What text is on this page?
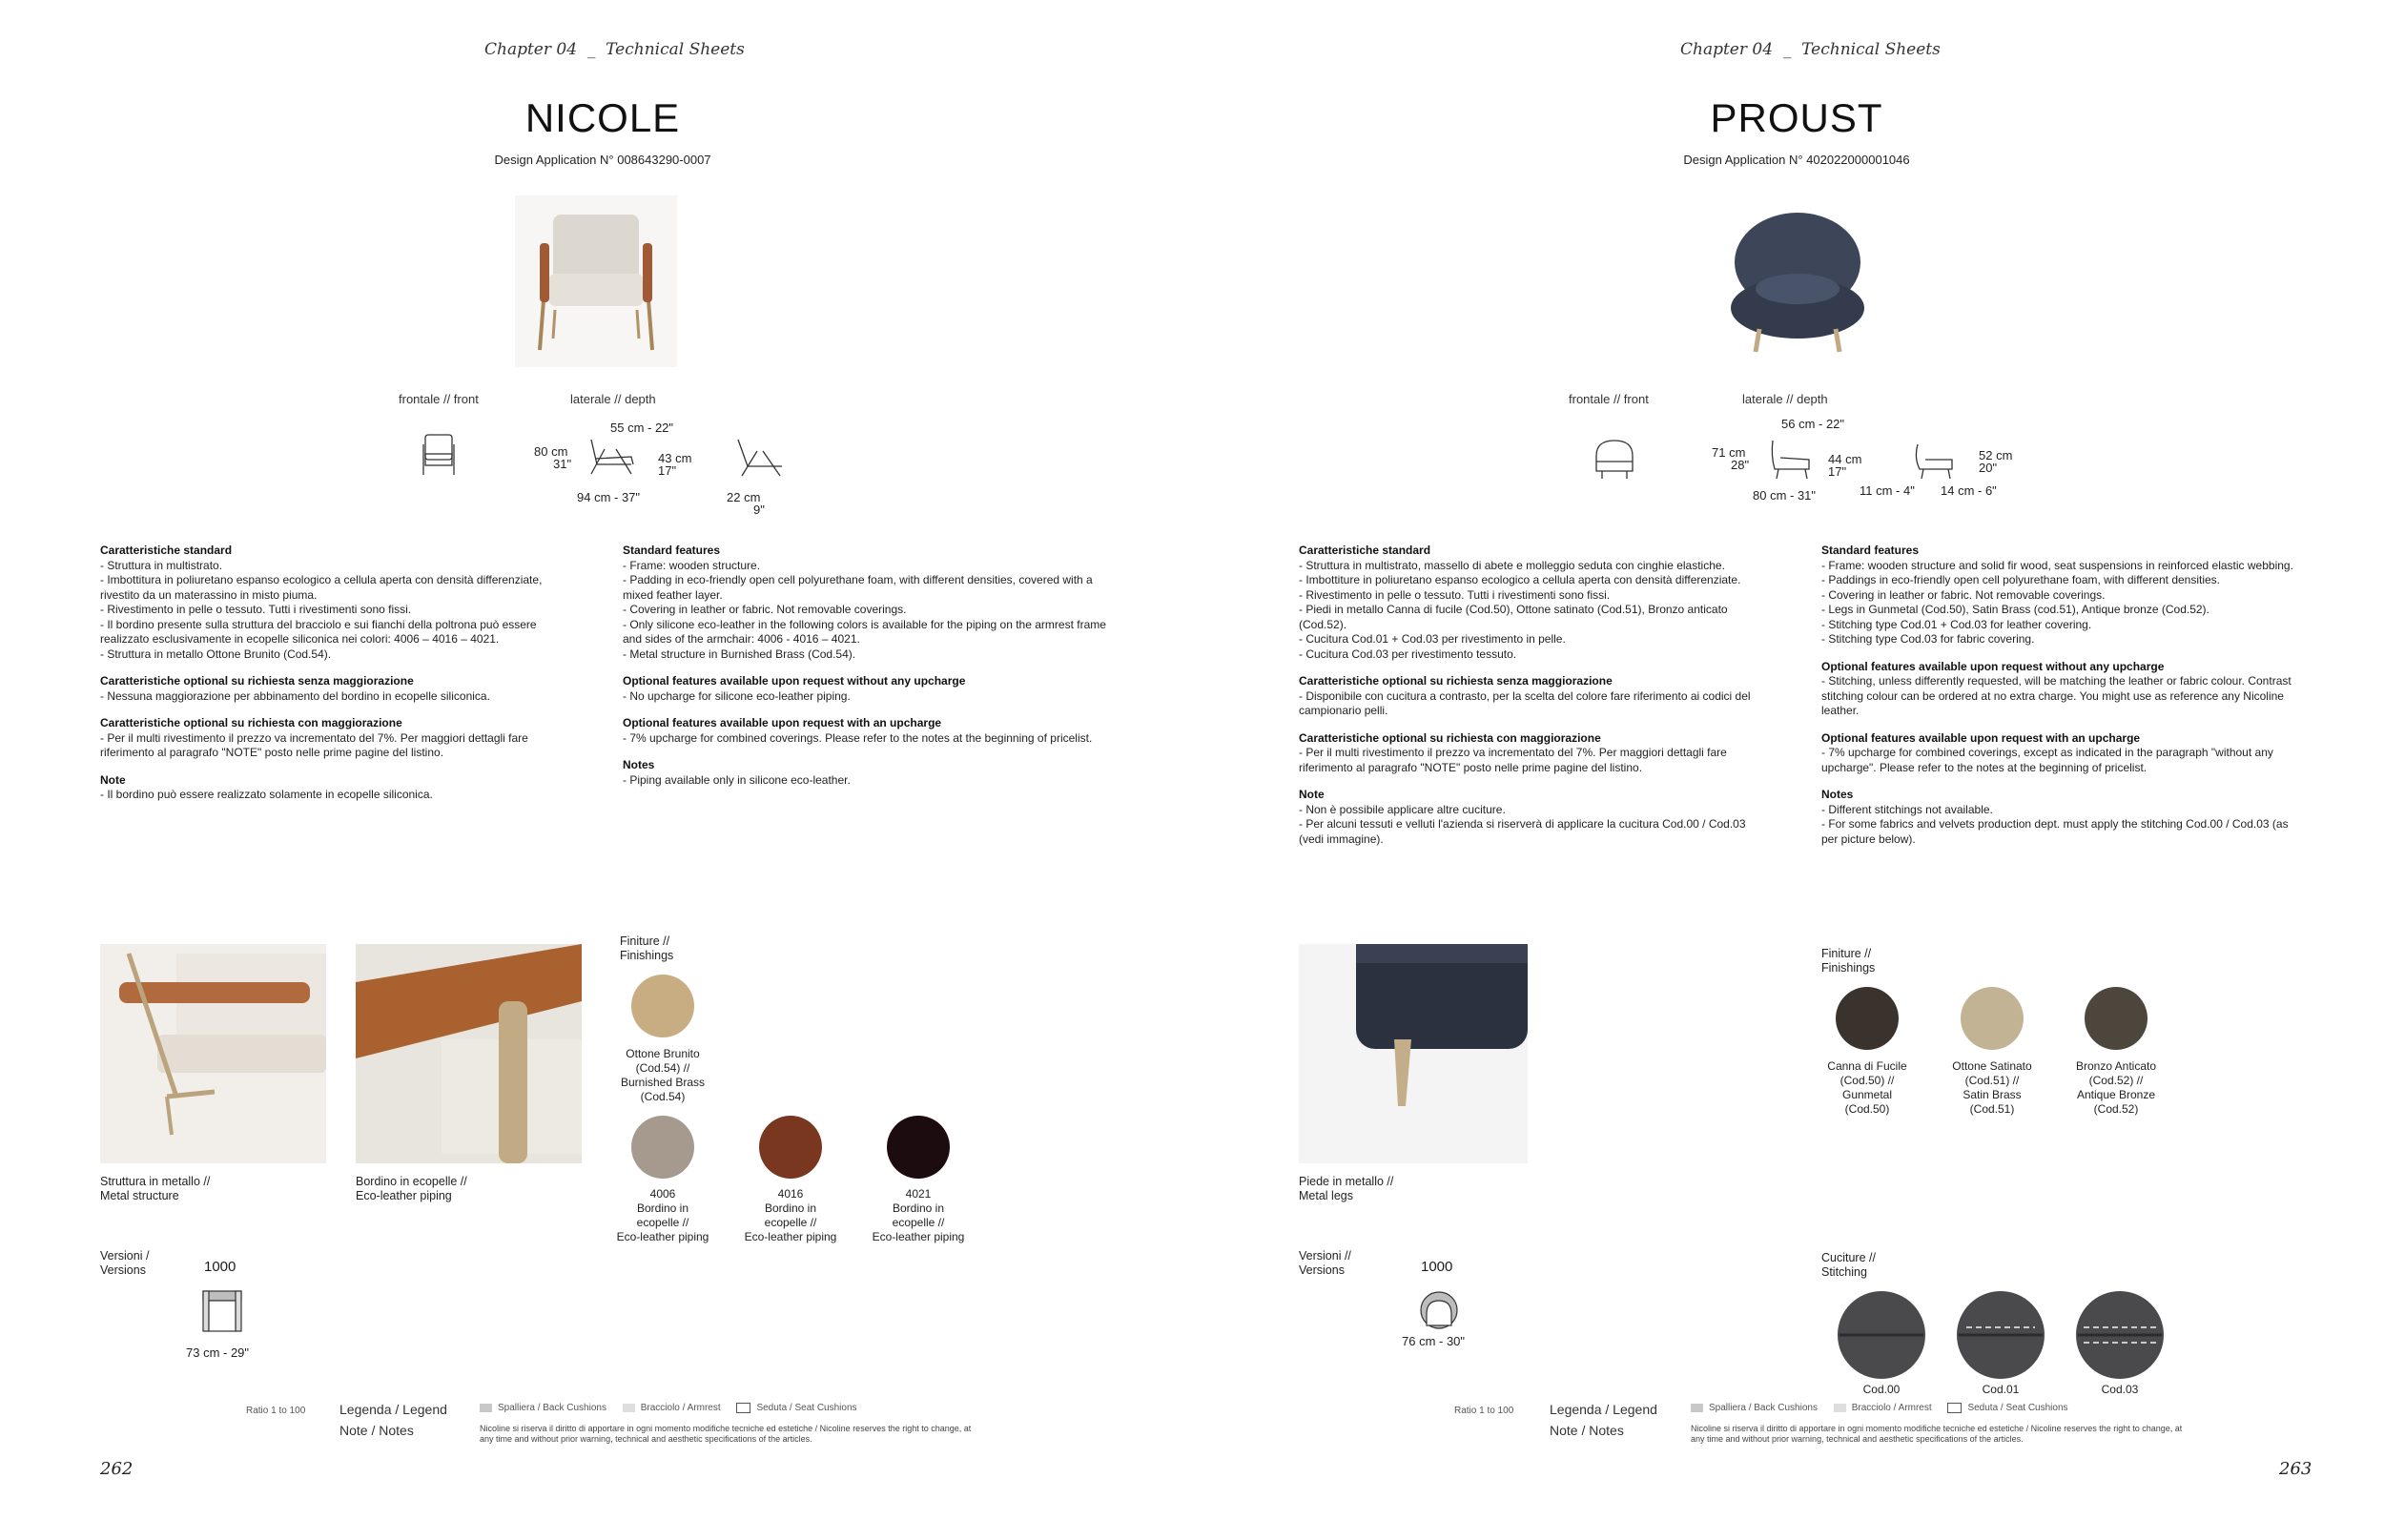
Chapter 04  _  Technical Sheets
NICOLE
Design Application N° 008643290-0007
frontale // front	laterale // depth
55 cm - 22"
80 cm
31"	43 cm
17"
94 cm - 37"	22 cm
9"
Caratteristiche standard
- Struttura in multistrato.
- Imbottitura in poliuretano espanso ecologico a cellula aperta con densità differenziate, rivestito da un materassino in misto piuma.
- Rivestimento in pelle o tessuto. Tutti i rivestimenti sono fissi.
- Il bordino presente sulla struttura del bracciolo e sui fianchi della poltrona può essere realizzato esclusivamente in ecopelle siliconica nei colori: 4006 – 4016 – 4021.
- Struttura in metallo Ottone Brunito (Cod.54).
Caratteristiche optional su richiesta senza maggiorazione
- Nessuna maggiorazione per abbinamento del bordino in ecopelle siliconica.
Caratteristiche optional su richiesta con maggiorazione
- Per il multi rivestimento il prezzo va incrementato del 7%. Per maggiori dettagli fare riferimento al paragrafo "NOTE" posto nelle prime pagine del listino.
Note
- Il bordino può essere realizzato solamente in ecopelle siliconica.
Standard features
- Frame: wooden structure.
- Padding in eco-friendly open cell polyurethane foam, with different densities, covered with a mixed feather layer.
- Covering in leather or fabric. Not removable coverings.
- Only silicone eco-leather in the following colors is available for the piping on the armrest frame and sides of the armchair: 4006 - 4016 – 4021.
- Metal structure in Burnished Brass (Cod.54).
Optional features available upon request without any upcharge
- No upcharge for silicone eco-leather piping.
Optional features available upon request with an upcharge
- 7% upcharge for combined coverings. Please refer to the notes at the beginning of pricelist.
Notes
- Piping available only in silicone eco-leather.
Struttura in metallo //
Metal structure
Bordino in ecopelle //
Eco-leather piping
Finiture //
Finishings
Ottone Brunito
(Cod.54) //
Burnished Brass
(Cod.54)
4006
Bordino in
ecopelle //
Eco-leather piping
4016
Bordino in
ecopelle //
Eco-leather piping
4021
Bordino in
ecopelle //
Eco-leather piping
Versioni /
Versions	1000
73 cm - 29"
Ratio 1 to 100	Legenda / Legend
Note / Notes
Spalliera / Back Cushions	Bracciolo / Armrest	Seduta / Seat Cushions
Nicoline si riserva il diritto di apportare in ogni momento modifiche tecniche ed estetiche / Nicoline reserves the right to change, at any time and without prior warning, technical and aesthetic specifications of the articles.
262
Chapter 04  _  Technical Sheets
PROUST
Design Application N° 402022000001046
frontale // front	laterale // depth
56 cm - 22"
71 cm
28"	44 cm
17"
80 cm - 31"	11 cm - 4" 14 cm - 6"
52 cm
20"
Caratteristiche standard
- Struttura in multistrato, massello di abete e molleggio seduta con cinghie elastiche.
- Imbottiture in poliuretano espanso ecologico a cellula aperta con densità differenziate.
- Rivestimento in pelle o tessuto. Tutti i rivestimenti sono fissi.
- Piedi in metallo Canna di fucile (Cod.50), Ottone satinato (Cod.51), Bronzo anticato (Cod.52).
- Cucitura Cod.01 + Cod.03 per rivestimento in pelle.
- Cucitura Cod.03 per rivestimento tessuto.
Caratteristiche optional su richiesta senza maggiorazione
- Disponibile con cucitura a contrasto, per la scelta del colore fare riferimento ai codici del campionario pelli.
Caratteristiche optional su richiesta con maggiorazione
- Per il multi rivestimento il prezzo va incrementato del 7%. Per maggiori dettagli fare riferimento al paragrafo "NOTE" posto nelle prime pagine del listino.
Note
- Non è possibile applicare altre cuciture.
- Per alcuni tessuti e velluti l'azienda si riserverà di applicare la cucitura Cod.00 / Cod.03 (vedi immagine).
Standard features
- Frame: wooden structure and solid fir wood, seat suspensions in reinforced elastic webbing.
- Paddings in eco-friendly open cell polyurethane foam, with different densities.
- Covering in leather or fabric. Not removable coverings.
- Legs in Gunmetal (Cod.50), Satin Brass (cod.51), Antique bronze (Cod.52).
- Stitching type Cod.01 + Cod.03 for leather covering.
- Stitching type Cod.03 for fabric covering.
Optional features available upon request without any upcharge
- Stitching, unless differently requested, will be matching the leather or fabric colour. Contrast stitching colour can be ordered at no extra charge. You might use as reference any Nicoline leather.
Optional features available upon request with an upcharge
- 7% upcharge for combined coverings, except as indicated in the paragraph "without any upcharge". Please refer to the notes at the beginning of pricelist.
Notes
- Different stitchings not available.
- For some fabrics and velvets production dept. must apply the stitching Cod.00 / Cod.03 (as per picture below).
Piede in metallo //
Metal legs
Finiture //
Finishings
Canna di Fucile
(Cod.50) //
Gunmetal
(Cod.50)
Ottone Satinato
(Cod.51) //
Satin Brass
(Cod.51)
Bronzo Anticato
(Cod.52) //
Antique Bronze
(Cod.52)
Cuciture //
Stitching
Cod.00	Cod.01	Cod.03
Versioni //
Versions	1000
76 cm - 30"
Ratio 1 to 100	Legenda / Legend
Note / Notes
Spalliera / Back Cushions	Bracciolo / Armrest	Seduta / Seat Cushions
Nicoline si riserva il diritto di apportare in ogni momento modifiche tecniche ed estetiche / Nicoline reserves the right to change, at any time and without prior warning, technical and aesthetic specifications of the articles.
263
